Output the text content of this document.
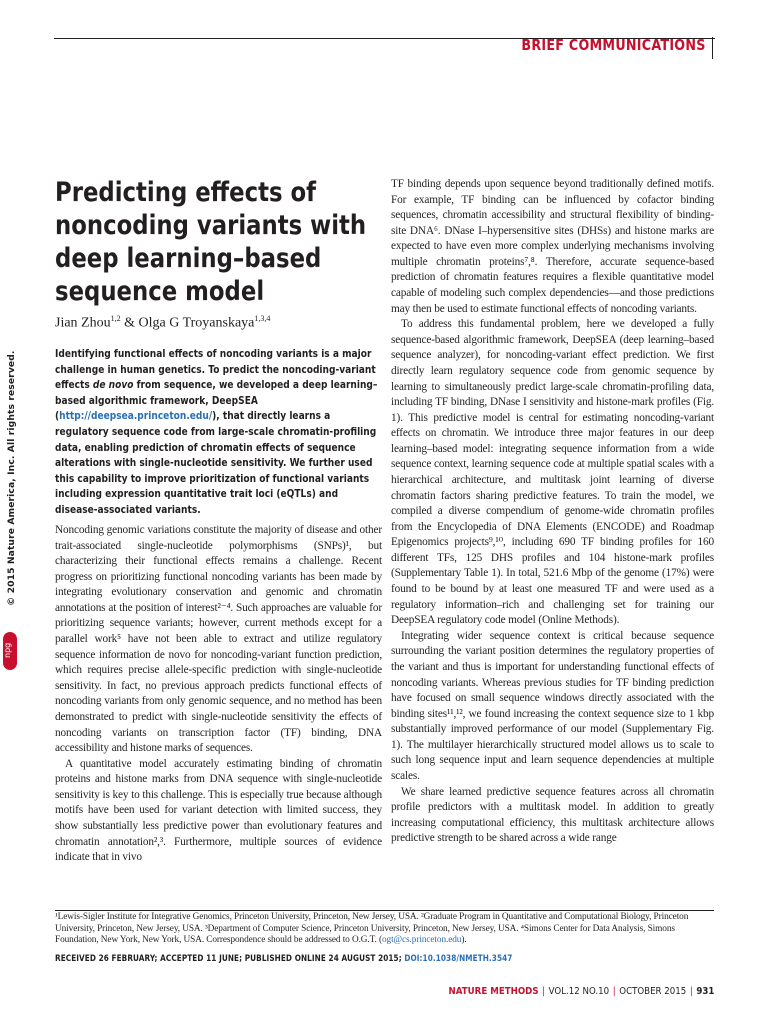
BRIEF COMMUNICATIONS
Predicting effects of noncoding variants with deep learning–based sequence model
Jian Zhou$^{1,2}$ & Olga G Troyanskaya$^{1,3,4}$

Identifying functional effects of noncoding variants is a major challenge in human genetics. To predict the noncoding-variant effects de novo from sequence, we developed a deep learning–based algorithmic framework, DeepSEA (http://deepsea.princeton.edu/), that directly learns a regulatory sequence code from large-scale chromatin-profiling data, enabling prediction of chromatin effects of sequence alterations with single-nucleotide sensitivity. We further used this capability to improve prioritization of functional variants including expression quantitative trait loci (eQTLs) and disease-associated variants.

Noncoding genomic variations constitute the majority of disease and other trait-associated single-nucleotide polymorphisms (SNPs)¹, but characterizing their functional effects remains a challenge. Recent progress on prioritizing functional noncoding variants has been made by integrating evolutionary conservation and genomic and chromatin annotations at the position of interest²⁻⁴. Such approaches are valuable for prioritizing sequence variants; however, current methods except for a parallel work⁵ have not been able to extract and utilize regulatory sequence information de novo for noncoding-variant function prediction, which requires precise allele-specific prediction with single-nucleotide sensitivity. In fact, no previous approach predicts functional effects of noncoding variants from only genomic sequence, and no method has been demonstrated to predict with single-nucleotide sensitivity the effects of noncoding variants on transcription factor (TF) binding, DNA accessibility and histone marks of sequences.

A quantitative model accurately estimating binding of chromatin proteins and histone marks from DNA sequence with single-nucleotide sensitivity is key to this challenge. This is especially true because although motifs have been used for variant detection with limited success, they show substantially less predictive power than evolutionary features and chromatin annotation²,³. Furthermore, multiple sources of evidence indicate that in vivo

TF binding depends upon sequence beyond traditionally defined motifs. For example, TF binding can be influenced by cofactor binding sequences, chromatin accessibility and structural flexibility of binding-site DNA⁶. DNase I–hypersensitive sites (DHSs) and histone marks are expected to have even more complex underlying mechanisms involving multiple chromatin proteins⁷,⁸. Therefore, accurate sequence-based prediction of chromatin features requires a flexible quantitative model capable of modeling such complex dependencies—and those predictions may then be used to estimate functional effects of noncoding variants.

To address this fundamental problem, here we developed a fully sequence-based algorithmic framework, DeepSEA (deep learning–based sequence analyzer), for noncoding-variant effect prediction. We first directly learn regulatory sequence code from genomic sequence by learning to simultaneously predict large-scale chromatin-profiling data, including TF binding, DNase I sensitivity and histone-mark profiles (Fig. 1). This predictive model is central for estimating noncoding-variant effects on chromatin. We introduce three major features in our deep learning–based model: integrating sequence information from a wide sequence context, learning sequence code at multiple spatial scales with a hierarchical architecture, and multitask joint learning of diverse chromatin factors sharing predictive features. To train the model, we compiled a diverse compendium of genome-wide chromatin profiles from the Encyclopedia of DNA Elements (ENCODE) and Roadmap Epigenomics projects⁹,¹⁰, including 690 TF binding profiles for 160 different TFs, 125 DHS profiles and 104 histone-mark profiles (Supplementary Table 1). In total, 521.6 Mbp of the genome (17%) were found to be bound by at least one measured TF and were used as a regulatory information–rich and challenging set for training our DeepSEA regulatory code model (Online Methods).

Integrating wider sequence context is critical because sequence surrounding the variant position determines the regulatory properties of the variant and thus is important for understanding functional effects of noncoding variants. Whereas previous studies for TF binding prediction have focused on small sequence windows directly associated with the binding sites¹¹,¹², we found increasing the context sequence size to 1 kbp substantially improved performance of our model (Supplementary Fig. 1). The multilayer hierarchically structured model allows us to scale to such long sequence input and learn sequence dependencies at multiple scales.

We share learned predictive sequence features across all chromatin profile predictors with a multitask model. In addition to greatly increasing computational efficiency, this multitask architecture allows predictive strength to be shared across a wide range

© 2015 Nature America, Inc. All rights reserved.
npg

¹Lewis-Sigler Institute for Integrative Genomics, Princeton University, Princeton, New Jersey, USA. ²Graduate Program in Quantitative and Computational Biology, Princeton University, Princeton, New Jersey, USA. ³Department of Computer Science, Princeton University, Princeton, New Jersey, USA. ⁴Simons Center for Data Analysis, Simons Foundation, New York, New York, USA. Correspondence should be addressed to O.G.T. (ogt@cs.princeton.edu).

RECEIVED 26 FEBRUARY; ACCEPTED 11 JUNE; PUBLISHED ONLINE 24 AUGUST 2015; DOI:10.1038/NMETH.3547
NATURE METHODS | VOL.12 NO.10 | OCTOBER 2015 | 931
